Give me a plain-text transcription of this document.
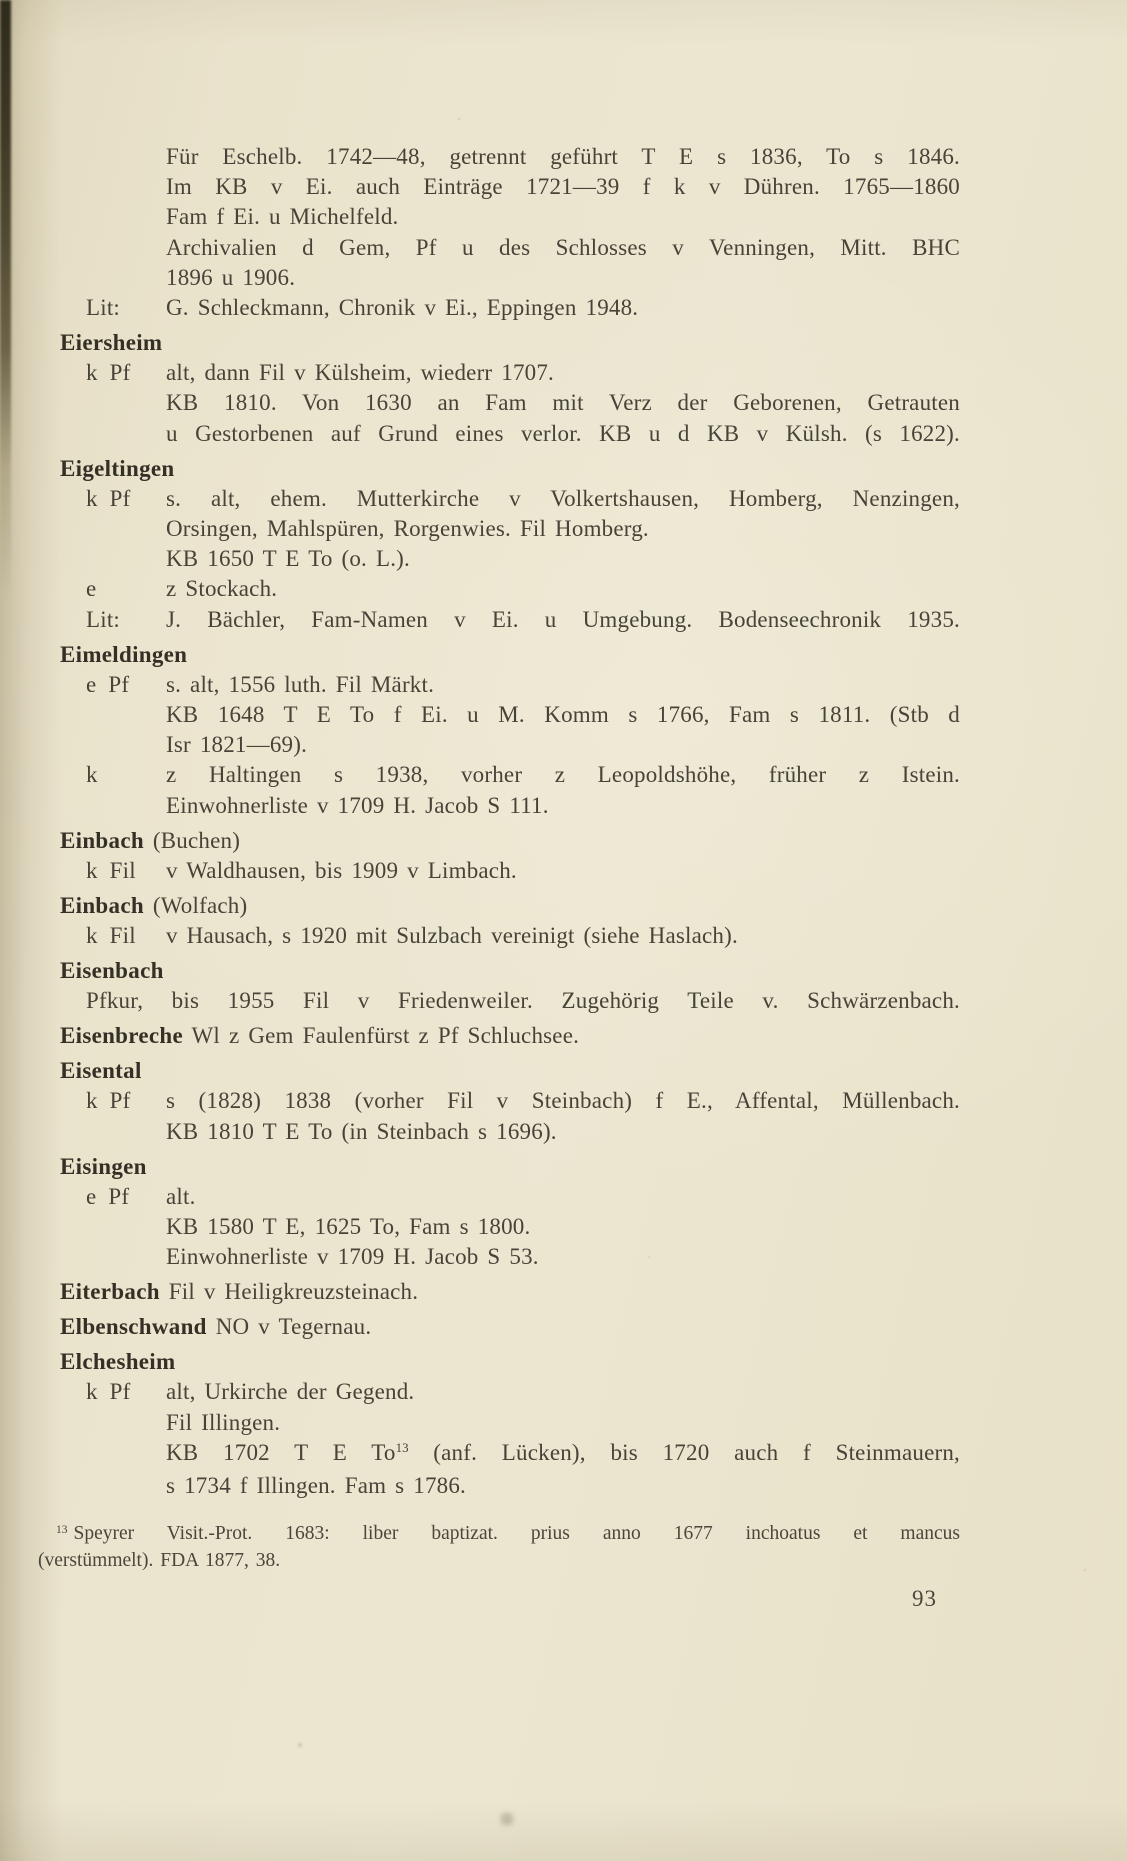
Für Eschelb. 1742—48, getrennt geführt T E s 1836, To s 1846.
Im KB v Ei. auch Einträge 1721—39 f k v Dühren. 1765—1860
Fam f Ei. u Michelfeld.
Archivalien d Gem, Pf u des Schlosses v Venningen, Mitt. BHC
1896 u 1906.
Lit:	G. Schleckmann, Chronik v Ei., Eppingen 1948.
Eiersheim
k Pf	alt, dann Fil v Külsheim, wiederr 1707.
KB 1810. Von 1630 an Fam mit Verz der Geborenen, Getrauten
u Gestorbenen auf Grund eines verlor. KB u d KB v Külsh. (s 1622).
Eigeltingen
k Pf	s. alt, ehem. Mutterkirche v Volkertshausen, Homberg, Nenzingen,
Orsingen, Mahlspüren, Rorgenwies. Fil Homberg.
KB 1650 T E To (o. L.).
e	z Stockach.
Lit:	J. Bächler, Fam-Namen v Ei. u Umgebung. Bodenseechronik 1935.
Eimeldingen
e Pf	s. alt, 1556 luth. Fil Märkt.
KB 1648 T E To f Ei. u M. Komm s 1766, Fam s 1811. (Stb d
Isr 1821—69).
k	z Haltingen s 1938, vorher z Leopoldshöhe, früher z Istein.
Einwohnerliste v 1709 H. Jacob S 111.
Einbach (Buchen)
k Fil	v Waldhausen, bis 1909 v Limbach.
Einbach (Wolfach)
k Fil	v Hausach, s 1920 mit Sulzbach vereinigt (siehe Haslach).
Eisenbach
Pfkur, bis 1955 Fil v Friedenweiler. Zugehörig Teile v. Schwärzenbach.
Eisenbreche Wl z Gem Faulenfürst z Pf Schluchsee.
Eisental
k Pf	s (1828) 1838 (vorher Fil v Steinbach) f E., Affental, Müllenbach.
KB 1810 T E To (in Steinbach s 1696).
Eisingen
e Pf	alt.
KB 1580 T E, 1625 To, Fam s 1800.
Einwohnerliste v 1709 H. Jacob S 53.
Eiterbach Fil v Heiligkreuzsteinach.
Elbenschwand NO v Tegernau.
Elchesheim
k Pf	alt, Urkirche der Gegend.
Fil Illingen.
KB 1702 T E To$^{13}$ (anf. Lücken), bis 1720 auch f Steinmauern,
s 1734 f Illingen. Fam s 1786.
$^{13}$ Speyrer Visit.-Prot. 1683: liber baptizat. prius anno 1677 inchoatus et mancus
(verstümmelt). FDA 1877, 38.
93
